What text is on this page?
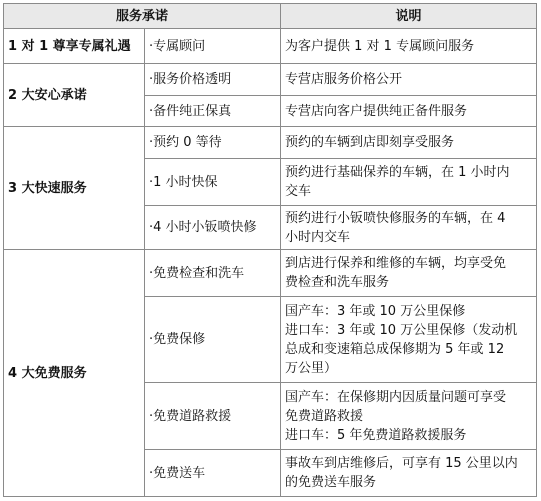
服务承诺	说明
1 对 1 尊享专属礼遇
2 大安心承诺
3 大快速服务
4 大免费服务
·专属顾问
·服务价格透明
·备件纯正保真
·预约 0 等待
·1 小时快保
·4 小时小钣喷快修
·免费检查和洗车
·免费保修
·免费道路救援
·免费送车
为客户提供 1 对 1 专属顾问服务
专营店服务价格公开
专营店向客户提供纯正备件服务
预约的车辆到店即刻享受服务
预约进行基础保养的车辆，在 1 小时内
交车
预约进行小钣喷快修服务的车辆，在 4
小时内交车
到店进行保养和维修的车辆，均享受免
费检查和洗车服务
国产车：3 年或 10 万公里保修
进口车：3 年或 10 万公里保修（发动机
总成和变速箱总成保修期为 5 年或 12
万公里）
国产车：在保修期内因质量问题可享受
免费道路救援
进口车：5 年免费道路救援服务
事故车到店维修后，可享有 15 公里以内
的免费送车服务
